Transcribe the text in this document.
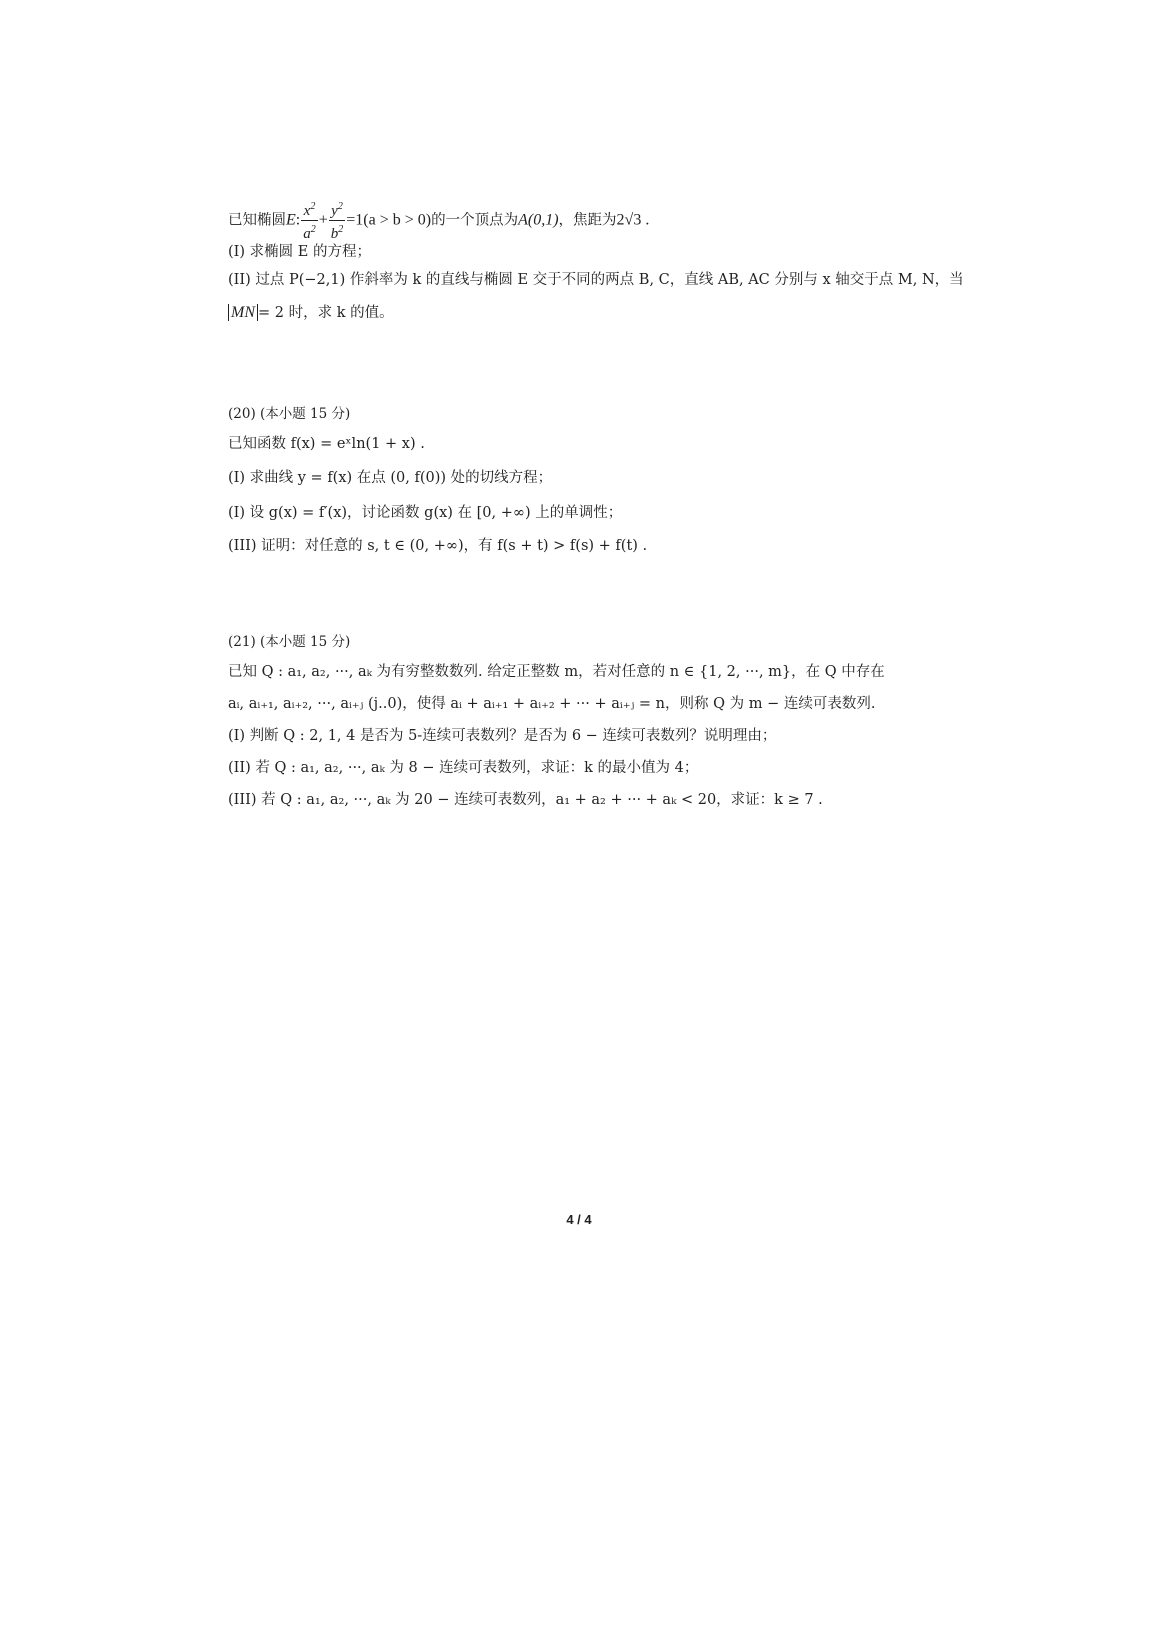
已知椭圆E: $\frac{x^2}{a^2} + \frac{y^2}{b^2} =1(a > b > 0)$的一个顶点为A(0,1)，焦距为2√3 .
(I) 求椭圆 E 的方程；
(II) 过点 P(−2,1) 作斜率为 k 的直线与椭圆 E 交于不同的两点 B, C，直线 AB, AC 分别与 x 轴交于点 M, N，当
MN = 2 时，求 k 的值。
(20) (本小题 15 分)
已知函数 f(x) = eˣln(1 + x) .
(I) 求曲线 y = f(x) 在点 (0, f(0)) 处的切线方程；
(I) 设 g(x) = f′(x)，讨论函数 g(x) 在 [0, +∞) 上的单调性；
(III) 证明：对任意的 s, t ∈ (0, +∞)，有 f(s + t) > f(s) + f(t) .
(21) (本小题 15 分)
已知 Q : a₁, a₂, ···, aₖ 为有穷整数数列. 给定正整数 m，若对任意的 n ∈ {1, 2, ···, m}，在 Q 中存在
aᵢ, aᵢ₊₁, aᵢ₊₂, ···, aᵢ₊ⱼ (j..0)，使得 aᵢ + aᵢ₊₁ + aᵢ₊₂ + ··· + aᵢ₊ⱼ = n，则称 Q 为 m − 连续可表数列.
(I) 判断 Q : 2, 1, 4 是否为 5-连续可表数列？是否为 6 − 连续可表数列？说明理由；
(II) 若 Q : a₁, a₂, ···, aₖ 为 8 − 连续可表数列，求证：k 的最小值为 4；
(III) 若 Q : a₁, a₂, ···, aₖ 为 20 − 连续可表数列，a₁ + a₂ + ··· + aₖ < 20，求证：k ≥ 7 .
4 / 4
